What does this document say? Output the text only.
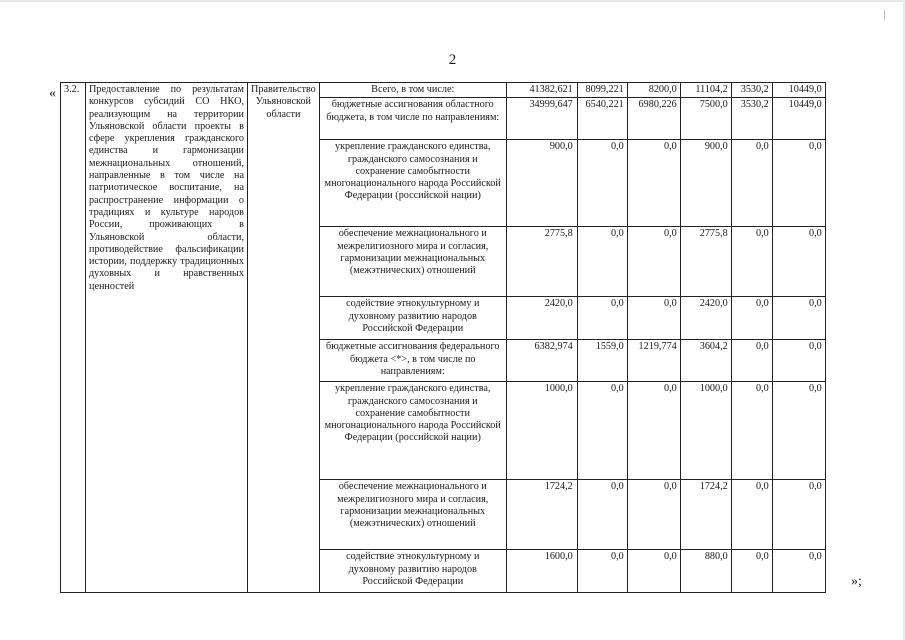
2
«
»;
3.2.	Предоставление по результатам конкурсов субсидий СО НКО, реализующим на территории Ульяновской области проекты в сфере укрепления гражданского единства и гармонизации межнациональных отношений, направленные в том числе на патриотическое воспитание, на распространение информации о традициях и культуре народов России, проживающих в Ульяновской области, противодействие фальсификации истории, поддержку традиционных духовных и нравственных ценностей	Правительство Ульяновской области	Всего, в том числе:	41382,621	8099,221	8200,0	11104,2	3530,2	10449,0
			бюджетные ассигнования областного бюджета, в том числе по направлениям:	34999,647	6540,221	6980,226	7500,0	3530,2	10449,0
			укрепление гражданского единства, гражданского самосознания и сохранение самобытности многонационального народа Российской Федерации (российской нации)	900,0	0,0	0,0	900,0	0,0	0,0
			обеспечение межнационального и межрелигиозного мира и согласия, гармонизации межнациональных (межэтнических) отношений	2775,8	0,0	0,0	2775,8	0,0	0,0
			содействие этнокультурному и духовному развитию народов Российской Федерации	2420,0	0,0	0,0	2420,0	0,0	0,0
			бюджетные ассигнования федерального бюджета <*>, в том числе по направлениям:	6382,974	1559,0	1219,774	3604,2	0,0	0,0
			укрепление гражданского единства, гражданского самосознания и сохранение самобытности многонационального народа Российской Федерации (российской нации)	1000,0	0,0	0,0	1000,0	0,0	0,0
			обеспечение межнационального и межрелигиозного мира и согласия, гармонизации межнациональных (межэтнических) отношений	1724,2	0,0	0,0	1724,2	0,0	0,0
			содействие этнокультурному и духовному развитию народов Российской Федерации	1600,0	0,0	0,0	880,0	0,0	0,0
